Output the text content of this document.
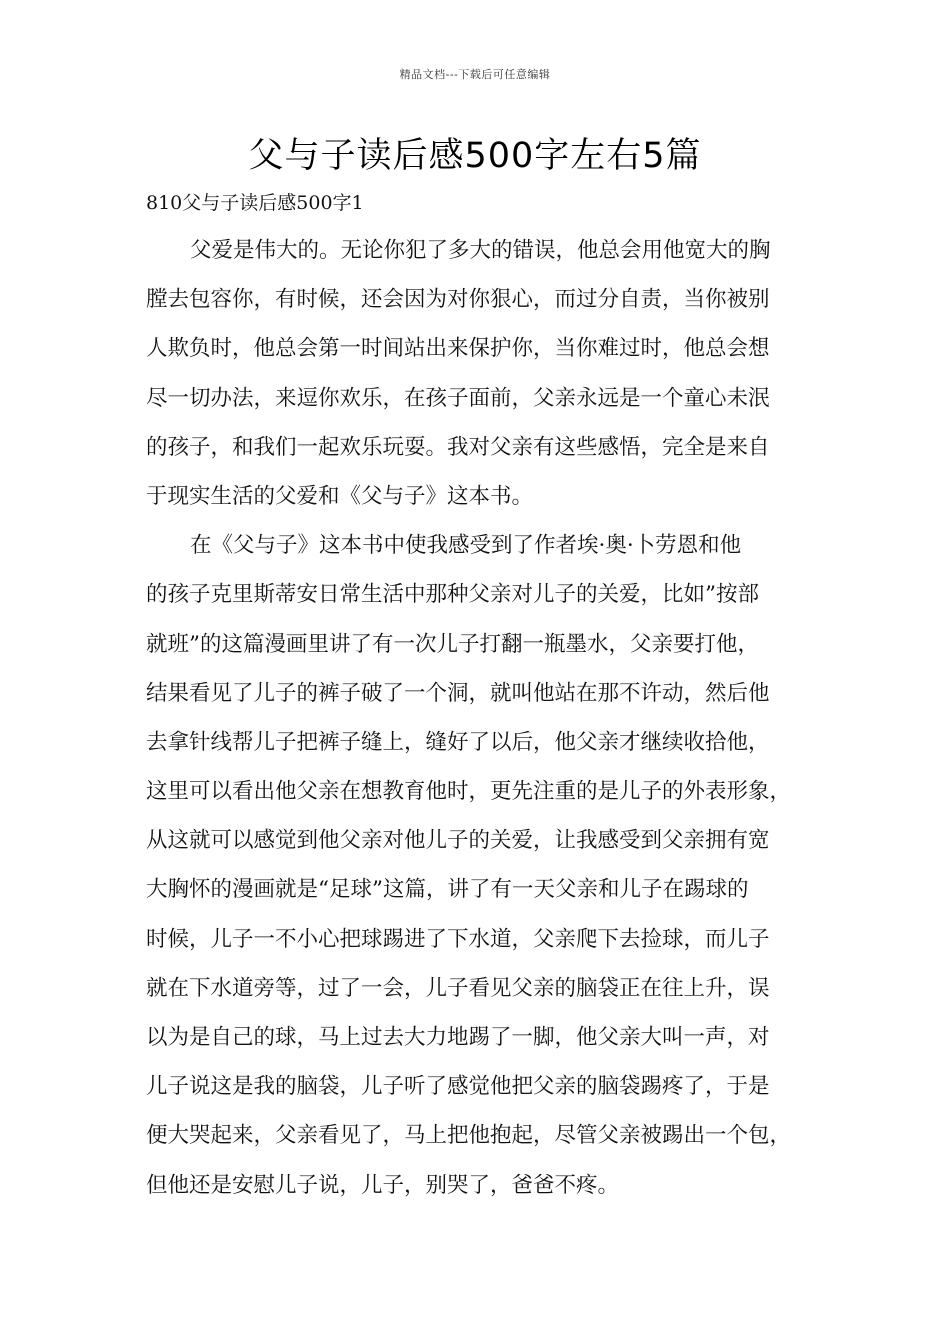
精品文档---下载后可任意编辑
父与子读后感500字左右5篇
810父与子读后感500字1
父爱是伟大的。无论你犯了多大的错误，他总会用他宽大的胸
膛去包容你，有时候，还会因为对你狠心，而过分自责，当你被别
人欺负时，他总会第一时间站出来保护你，当你难过时，他总会想
尽一切办法，来逗你欢乐，在孩子面前，父亲永远是一个童心未泯
的孩子，和我们一起欢乐玩耍。我对父亲有这些感悟，完全是来自
于现实生活的父爱和《父与子》这本书。
在《父与子》这本书中使我感受到了作者埃·奥·卜劳恩和他
的孩子克里斯蒂安日常生活中那种父亲对儿子的关爱，比如”按部
就班”的这篇漫画里讲了有一次儿子打翻一瓶墨水，父亲要打他，
结果看见了儿子的裤子破了一个洞，就叫他站在那不许动，然后他
去拿针线帮儿子把裤子缝上，缝好了以后，他父亲才继续收拾他，
这里可以看出他父亲在想教育他时，更先注重的是儿子的外表形象，
从这就可以感觉到他父亲对他儿子的关爱，让我感受到父亲拥有宽
大胸怀的漫画就是“足球”这篇，讲了有一天父亲和儿子在踢球的
时候，儿子一不小心把球踢进了下水道，父亲爬下去捡球，而儿子
就在下水道旁等，过了一会，儿子看见父亲的脑袋正在往上升，误
以为是自己的球，马上过去大力地踢了一脚，他父亲大叫一声，对
儿子说这是我的脑袋，儿子听了感觉他把父亲的脑袋踢疼了，于是
便大哭起来，父亲看见了，马上把他抱起，尽管父亲被踢出一个包，
但他还是安慰儿子说，儿子，别哭了，爸爸不疼。
